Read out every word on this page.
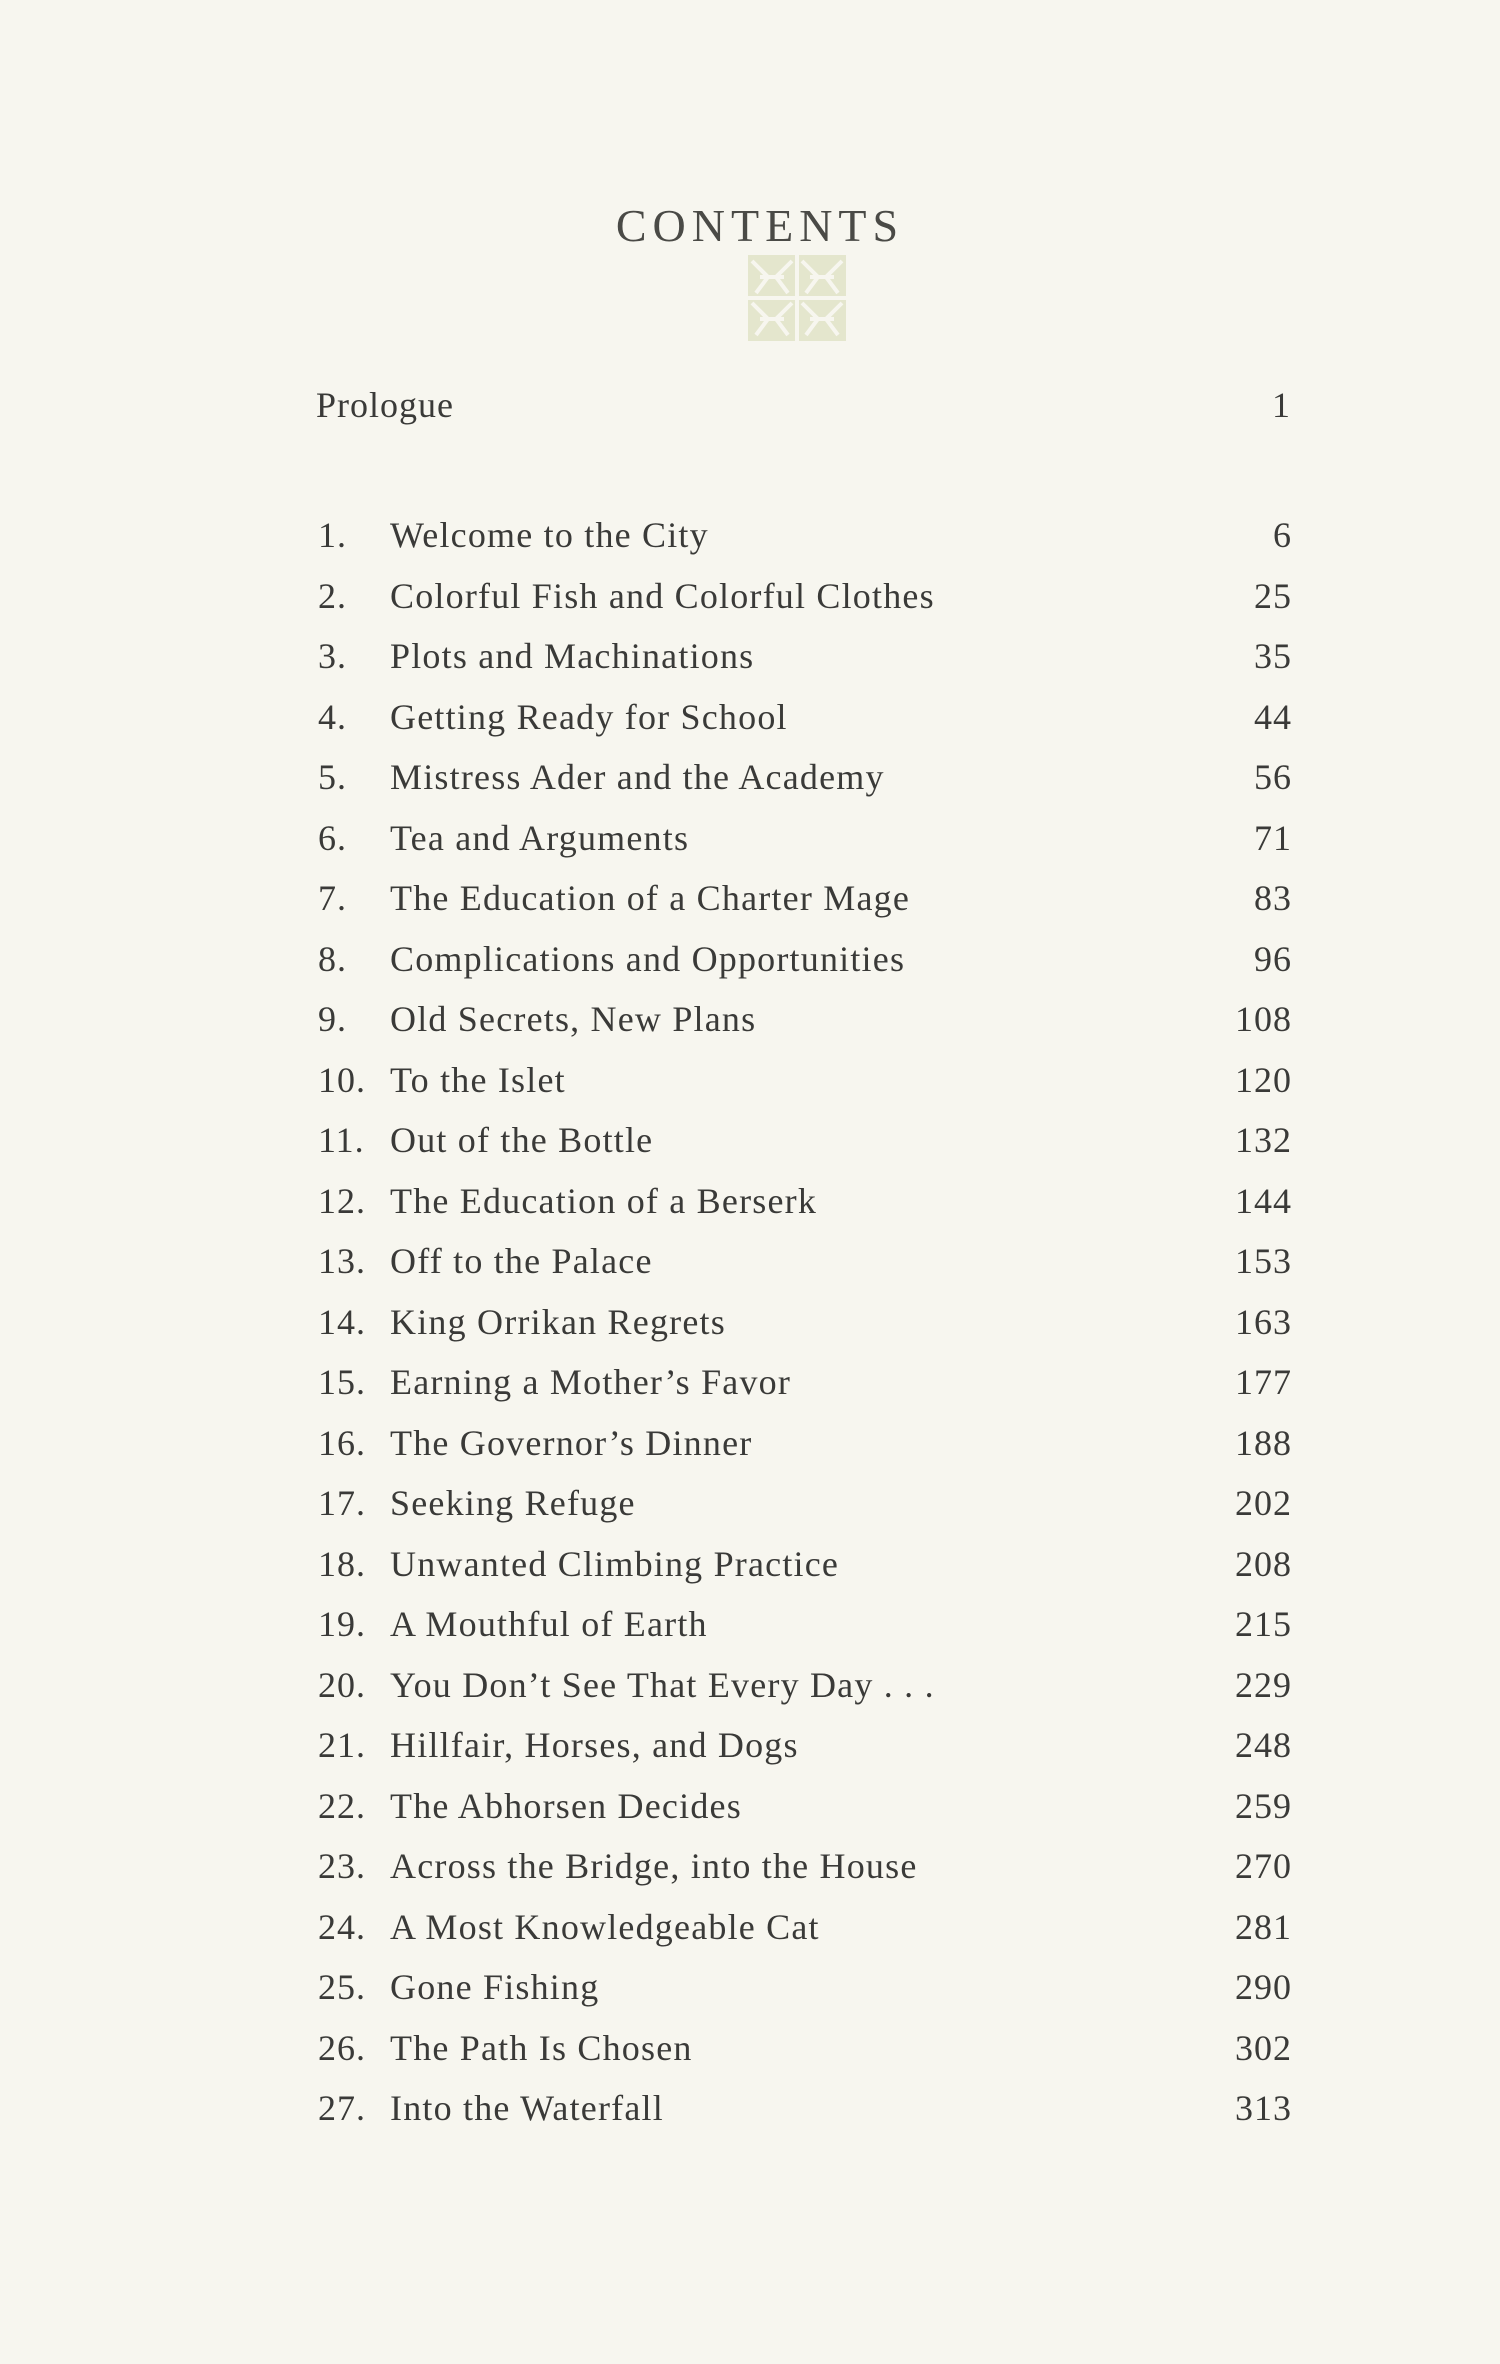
CONTENTS
Prologue	1
1. Welcome to the City	6
2. Colorful Fish and Colorful Clothes	25
3. Plots and Machinations	35
4. Getting Ready for School	44
5. Mistress Ader and the Academy	56
6. Tea and Arguments	71
7. The Education of a Charter Mage	83
8. Complications and Opportunities	96
9. Old Secrets, New Plans	108
10. To the Islet	120
11. Out of the Bottle	132
12. The Education of a Berserk	144
13. Off to the Palace	153
14. King Orrikan Regrets	163
15. Earning a Mother’s Favor	177
16. The Governor’s Dinner	188
17. Seeking Refuge	202
18. Unwanted Climbing Practice	208
19. A Mouthful of Earth	215
20. You Don’t See That Every Day . . .	229
21. Hillfair, Horses, and Dogs	248
22. The Abhorsen Decides	259
23. Across the Bridge, into the House	270
24. A Most Knowledgeable Cat	281
25. Gone Fishing	290
26. The Path Is Chosen	302
27. Into the Waterfall	313
